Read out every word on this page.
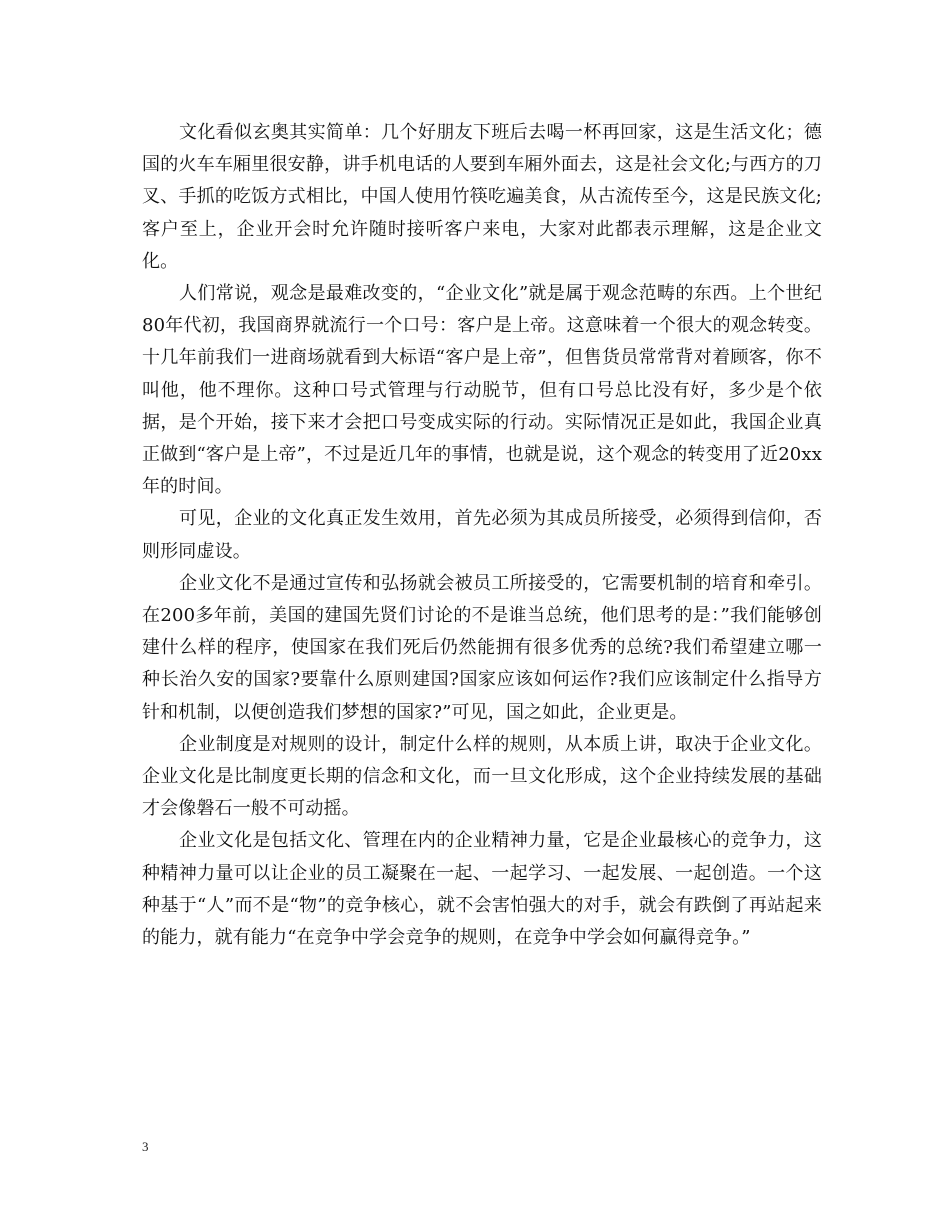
文化看似玄奥其实简单：几个好朋友下班后去喝一杯再回家，这是生活文化；德国的火车车厢里很安静，讲手机电话的人要到车厢外面去，这是社会文化;与西方的刀叉、手抓的吃饭方式相比，中国人使用竹筷吃遍美食，从古流传至今，这是民族文化;客户至上，企业开会时允许随时接听客户来电，大家对此都表示理解，这是企业文化。

人们常说，观念是最难改变的，“企业文化”就是属于观念范畴的东西。上个世纪80年代初，我国商界就流行一个口号：客户是上帝。这意味着一个很大的观念转变。十几年前我们一进商场就看到大标语“客户是上帝”，但售货员常常背对着顾客，你不叫他，他不理你。这种口号式管理与行动脱节，但有口号总比没有好，多少是个依据，是个开始，接下来才会把口号变成实际的行动。实际情况正是如此，我国企业真正做到“客户是上帝”，不过是近几年的事情，也就是说，这个观念的转变用了近20xx年的时间。

可见，企业的文化真正发生效用，首先必须为其成员所接受，必须得到信仰，否则形同虚设。

企业文化不是通过宣传和弘扬就会被员工所接受的，它需要机制的培育和牵引。在200多年前，美国的建国先贤们讨论的不是谁当总统，他们思考的是：”我们能够创建什么样的程序，使国家在我们死后仍然能拥有很多优秀的总统?我们希望建立哪一种长治久安的国家?要靠什么原则建国?国家应该如何运作?我们应该制定什么指导方针和机制，以便创造我们梦想的国家?”可见，国之如此，企业更是。

企业制度是对规则的设计，制定什么样的规则，从本质上讲，取决于企业文化。企业文化是比制度更长期的信念和文化，而一旦文化形成，这个企业持续发展的基础才会像磐石一般不可动摇。

企业文化是包括文化、管理在内的企业精神力量，它是企业最核心的竞争力，这种精神力量可以让企业的员工凝聚在一起、一起学习、一起发展、一起创造。一个这种基于“人”而不是“物”的竞争核心，就不会害怕强大的对手，就会有跌倒了再站起来的能力，就有能力“在竞争中学会竞争的规则，在竞争中学会如何赢得竞争。”

3
